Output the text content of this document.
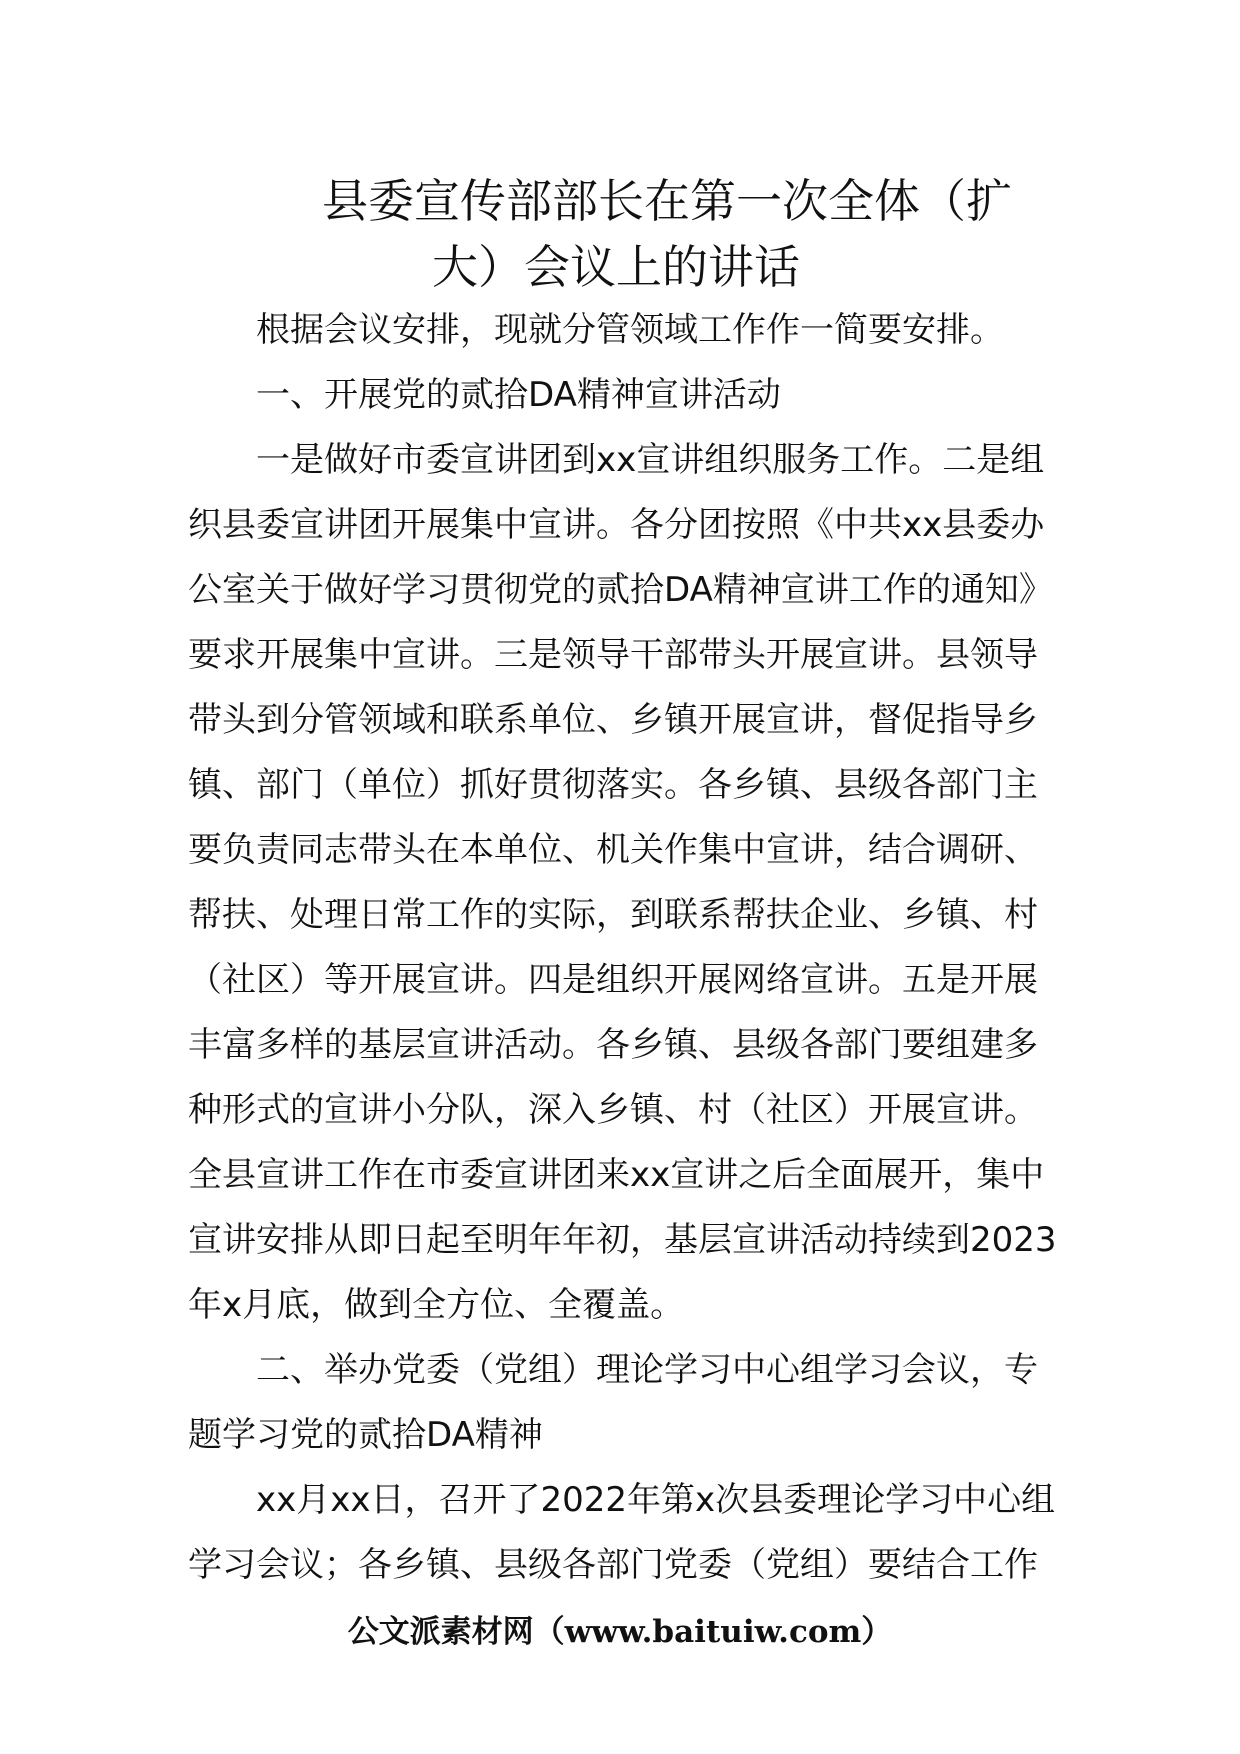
县委宣传部部长在第一次全体（扩
大）会议上的讲话
根据会议安排，现就分管领域工作作一简要安排。
一、开展党的贰拾DA精神宣讲活动
一是做好市委宣讲团到xx宣讲组织服务工作。二是组
织县委宣讲团开展集中宣讲。各分团按照《中共xx县委办
公室关于做好学习贯彻党的贰拾DA精神宣讲工作的通知》
要求开展集中宣讲。三是领导干部带头开展宣讲。县领导
带头到分管领域和联系单位、乡镇开展宣讲，督促指导乡
镇、部门（单位）抓好贯彻落实。各乡镇、县级各部门主
要负责同志带头在本单位、机关作集中宣讲，结合调研、
帮扶、处理日常工作的实际，到联系帮扶企业、乡镇、村
（社区）等开展宣讲。四是组织开展网络宣讲。五是开展
丰富多样的基层宣讲活动。各乡镇、县级各部门要组建多
种形式的宣讲小分队，深入乡镇、村（社区）开展宣讲。
全县宣讲工作在市委宣讲团来xx宣讲之后全面展开，集中
宣讲安排从即日起至明年年初，基层宣讲活动持续到2023
年x月底，做到全方位、全覆盖。
二、举办党委（党组）理论学习中心组学习会议，专
题学习党的贰拾DA精神
xx月xx日，召开了2022年第x次县委理论学习中心组
学习会议；各乡镇、县级各部门党委（党组）要结合工作
公文派素材网（www.baituiw.com）
